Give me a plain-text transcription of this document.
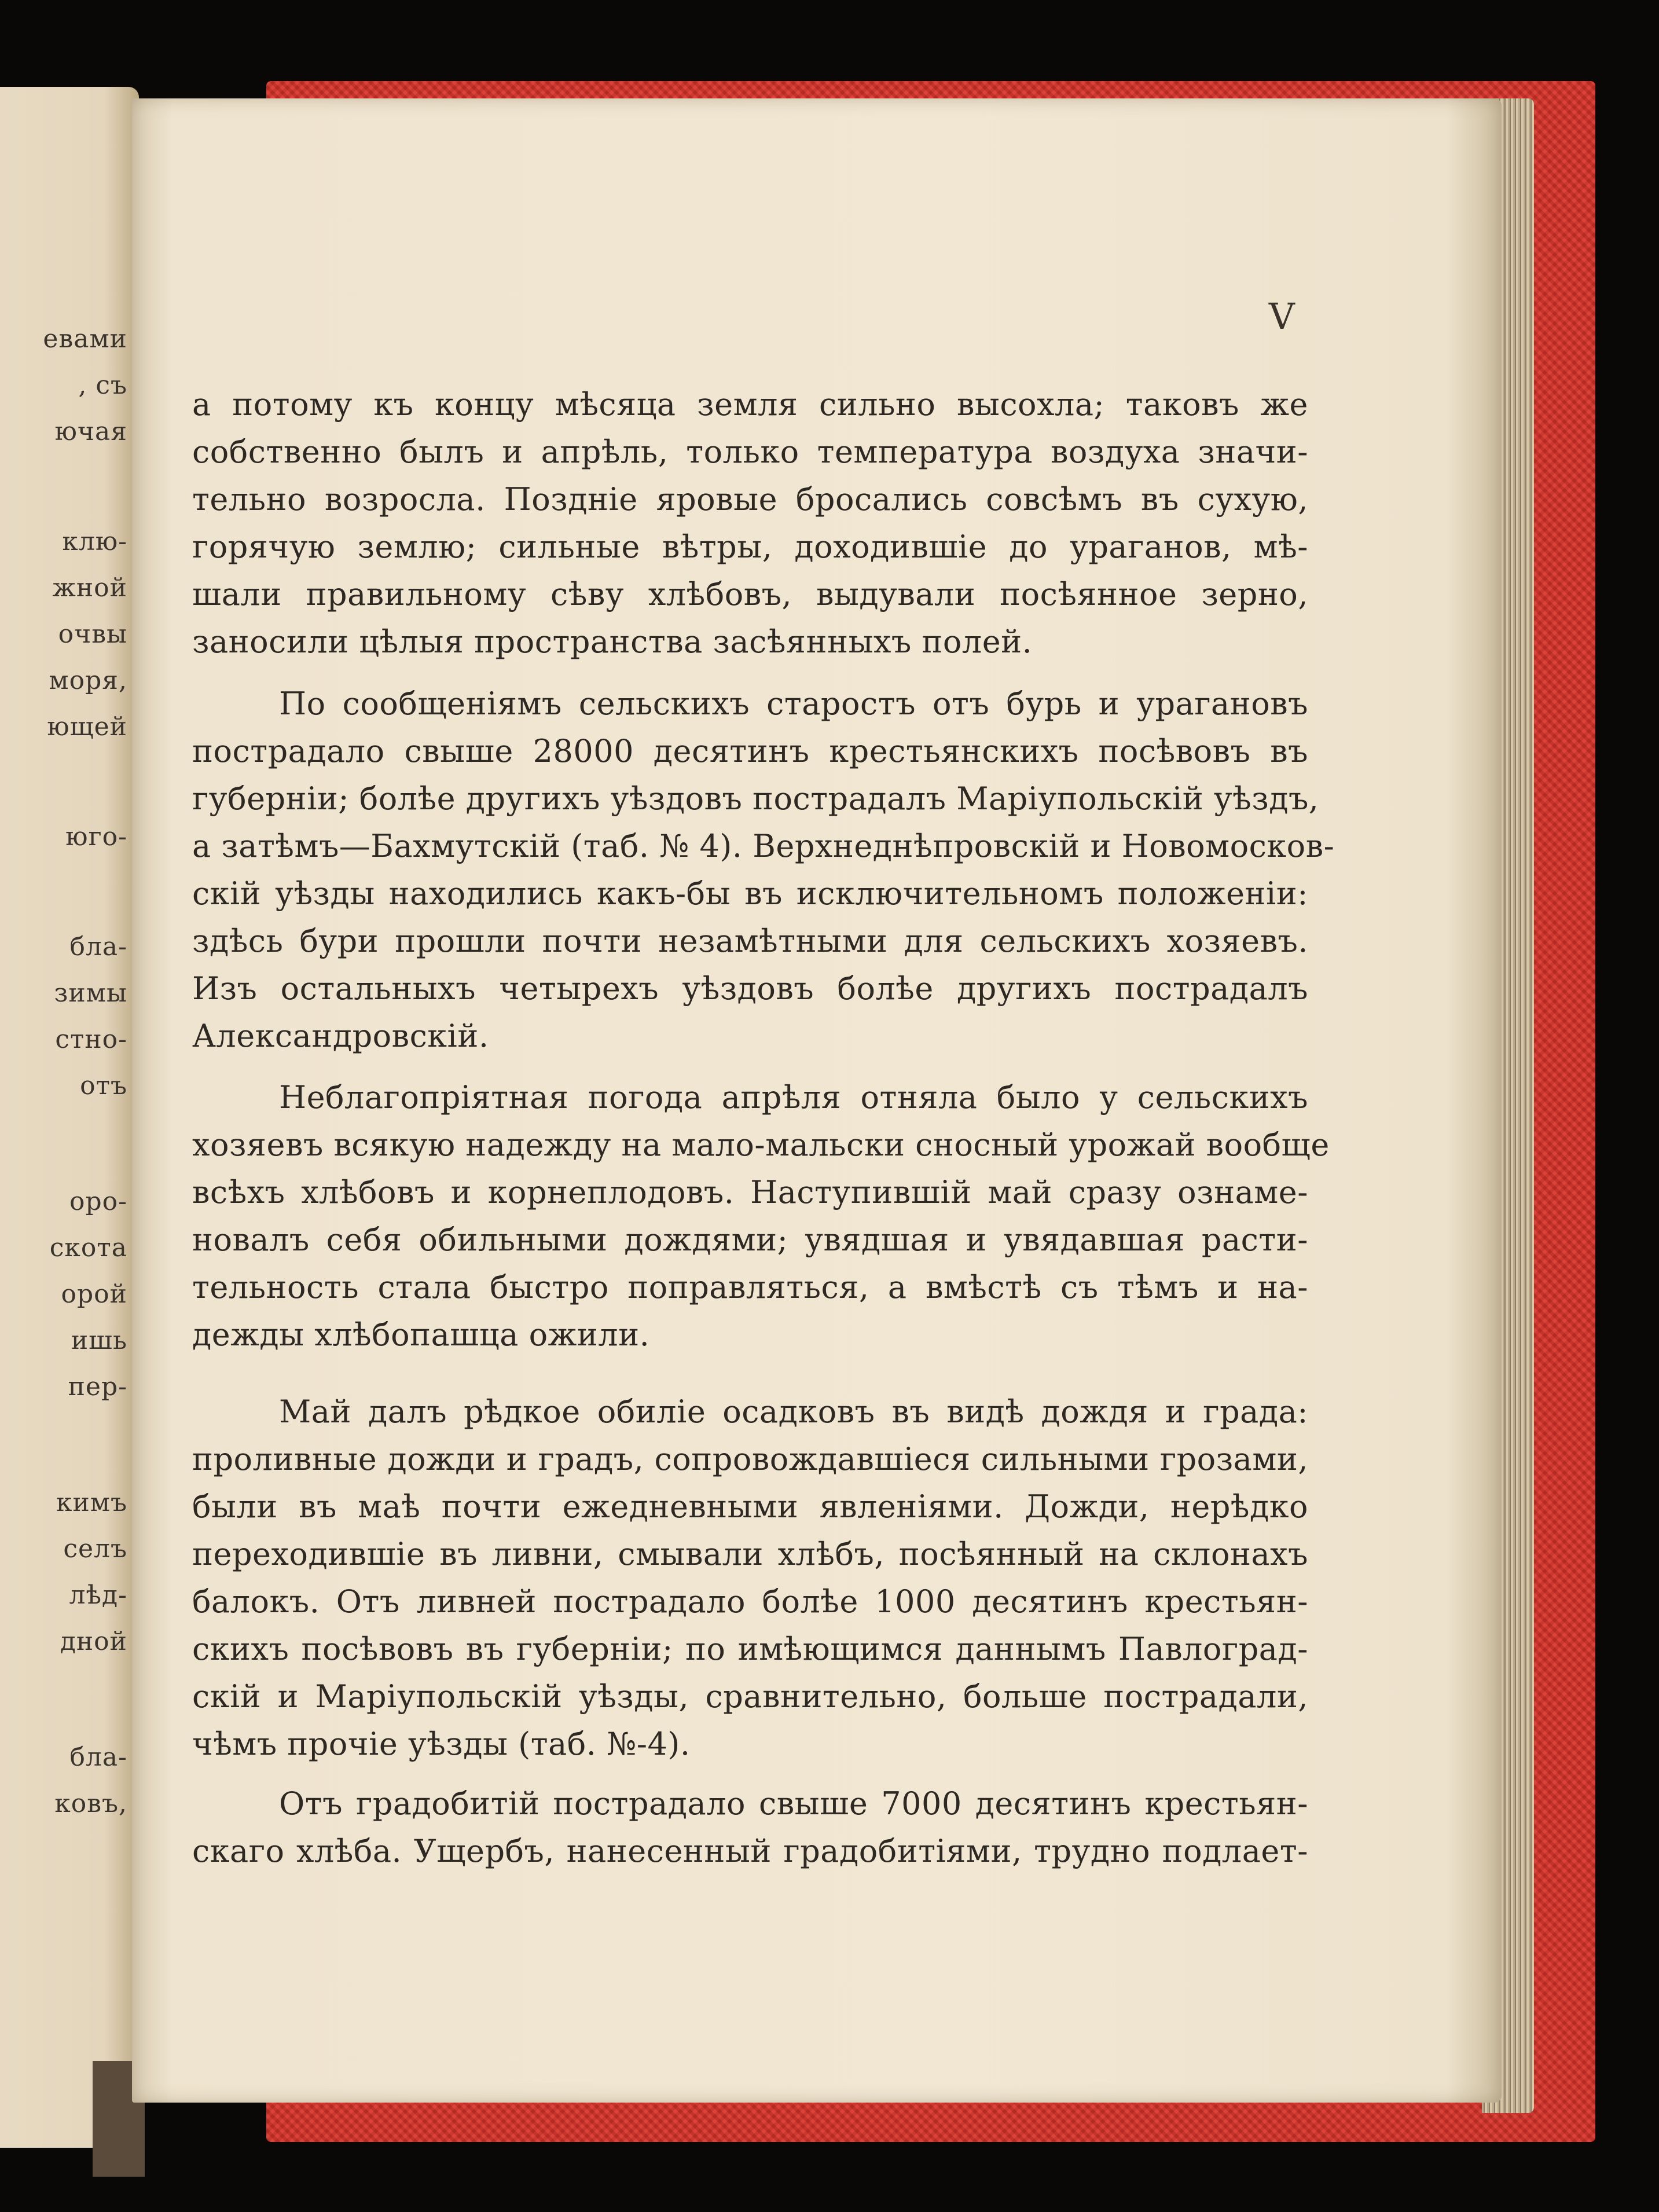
евами
, съ
ючая
клю-
жной
очвы
моря,
ющей
юго-
бла-
зимы
стно-
отъ
оро-
скота
орой
ишь
пер-
кимъ
селъ
лѣд-
дной
бла-
ковъ,
V
а потому къ концу мѣсяца земля сильно высохла; таковъ же
собственно былъ и апрѣль, только температура воздуха значи-
тельно возросла. Поздніе яровые бросались совсѣмъ въ сухую,
горячую землю; сильные вѣтры, доходившіе до ураганов, мѣ-
шали правильному сѣву хлѣбовъ, выдували посѣянное зерно,
заносили цѣлыя пространства засѣянныхъ полей.
По сообщеніямъ сельскихъ старостъ отъ бурь и урагановъ
пострадало свыше 28000 десятинъ крестьянскихъ посѣвовъ въ
губерніи; болѣе другихъ уѣздовъ пострадалъ Маріупольскій уѣздъ,
а затѣмъ—Бахмутскій (таб. № 4). Верхнеднѣпровскій и Новомосков-
скій уѣзды находились какъ-бы въ исключительномъ положеніи:
здѣсь бури прошли почти незамѣтными для сельскихъ хозяевъ.
Изъ остальныхъ четырехъ уѣздовъ болѣе другихъ пострадалъ
Александровскій.
Неблагопріятная погода апрѣля отняла было у сельскихъ
хозяевъ всякую надежду на мало-мальски сносный урожай вообще
всѣхъ хлѣбовъ и корнеплодовъ. Наступившій май сразу ознаме-
новалъ себя обильными дождями; увядшая и увядавшая расти-
тельность стала быстро поправляться, а вмѣстѣ съ тѣмъ и на-
дежды хлѣбопашца ожили.
Май далъ рѣдкое обиліе осадковъ въ видѣ дождя и града:
проливные дожди и градъ, сопровождавшіеся сильными грозами,
были въ маѣ почти ежедневными явленіями. Дожди, нерѣдко
переходившіе въ ливни, смывали хлѣбъ, посѣянный на склонахъ
балокъ. Отъ ливней пострадало болѣе 1000 десятинъ крестьян-
скихъ посѣвовъ въ губерніи; по имѣющимся даннымъ Павлоград-
скій и Маріупольскій уѣзды, сравнительно, больше пострадали,
чѣмъ прочіе уѣзды (таб. №-4).
Отъ градобитій пострадало свыше 7000 десятинъ крестьян-
скаго хлѣба. Ущербъ, нанесенный градобитіями, трудно подлает-
